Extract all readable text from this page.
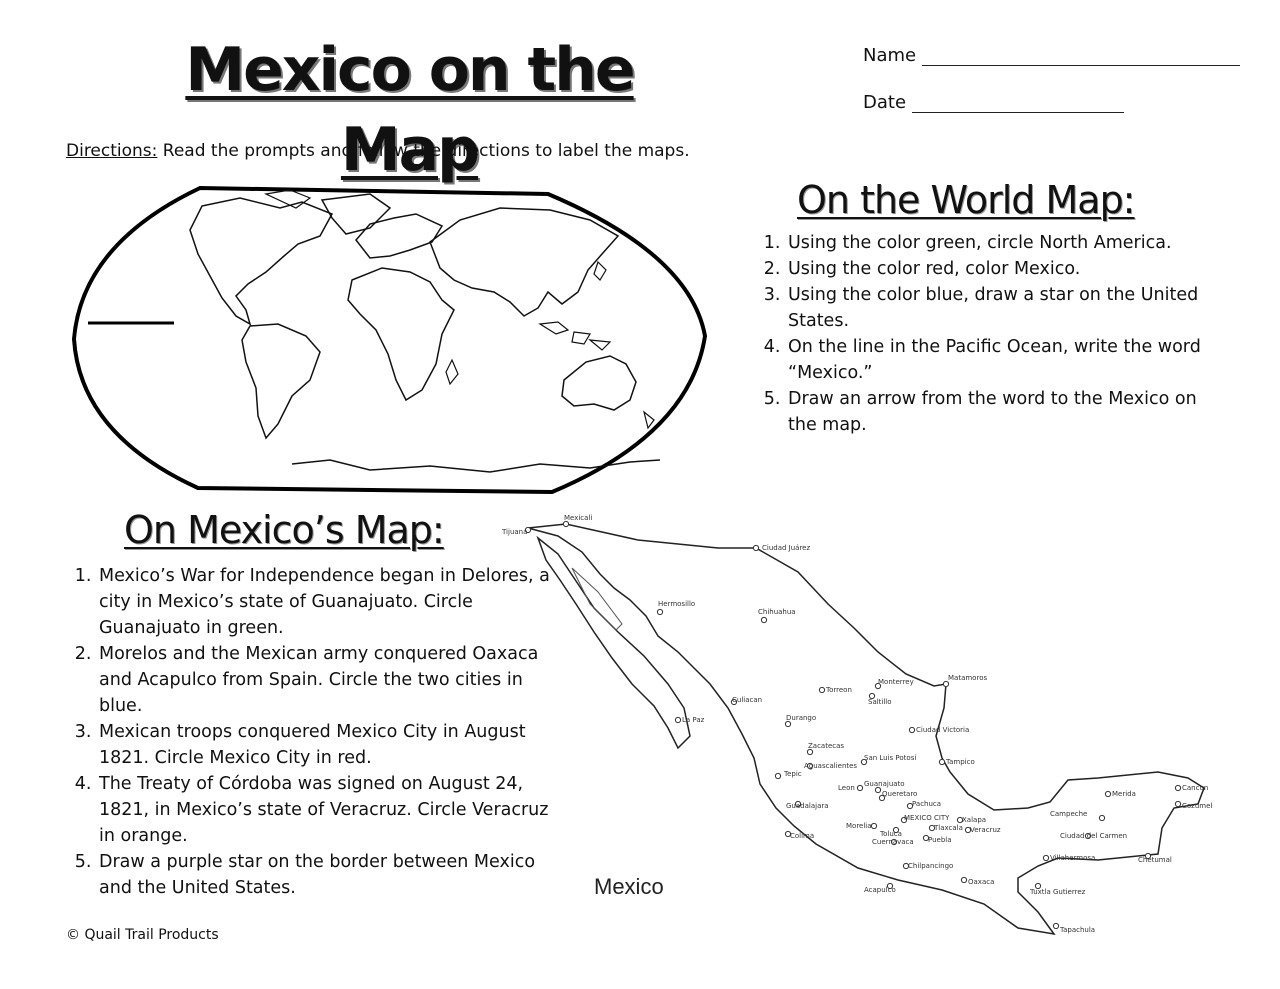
Mexico on the Map
Name
Date
Directions: Read the prompts and follow the directions to label the maps.
On the World Map:
1. Using the color green, circle North America.
2. Using the color red, color Mexico.
3. Using the color blue, draw a star on the United States.
4. On the line in the Pacific Ocean, write the word “Mexico.”
5. Draw an arrow from the word to the Mexico on the map.
On Mexico’s Map:
1. Mexico’s War for Independence began in Delores, a city in Mexico’s state of Guanajuato. Circle Guanajuato in green.
2. Morelos and the Mexican army conquered Oaxaca and Acapulco from Spain. Circle the two cities in blue.
3. Mexican troops conquered Mexico City in August 1821. Circle Mexico City in red.
4. The Treaty of Córdoba was signed on August 24, 1821, in Mexico’s state of Veracruz. Circle Veracruz in orange.
5. Draw a purple star on the border between Mexico and the United States.
Mexicali
Tijuana
Ciudad Juárez
Hermosillo
Chihuahua
Matamoros
Monterrey
Saltillo
Torreon
Culiacan
La Paz	Durango
Ciudad Victoria
Zacatecas
San Luis Potosí	Tampico
Aguascalientes
Tepic
Leon Guanajuato
Queretaro
Guadalajara	Pachuca
MEXICO CITY Xalapa
Tlaxcala Veracruz
Morelia
Toluca
Cuernavaca Puebla
Colima
Chilpancingo
Oaxaca
Acapulco	Tuxtla Gutierrez
Tapachula
Villahermosa
Campeche
Ciudad del Carmen
Merida
Cancun
Cozumel
Chetumal
Mexico
© Quail Trail Products
